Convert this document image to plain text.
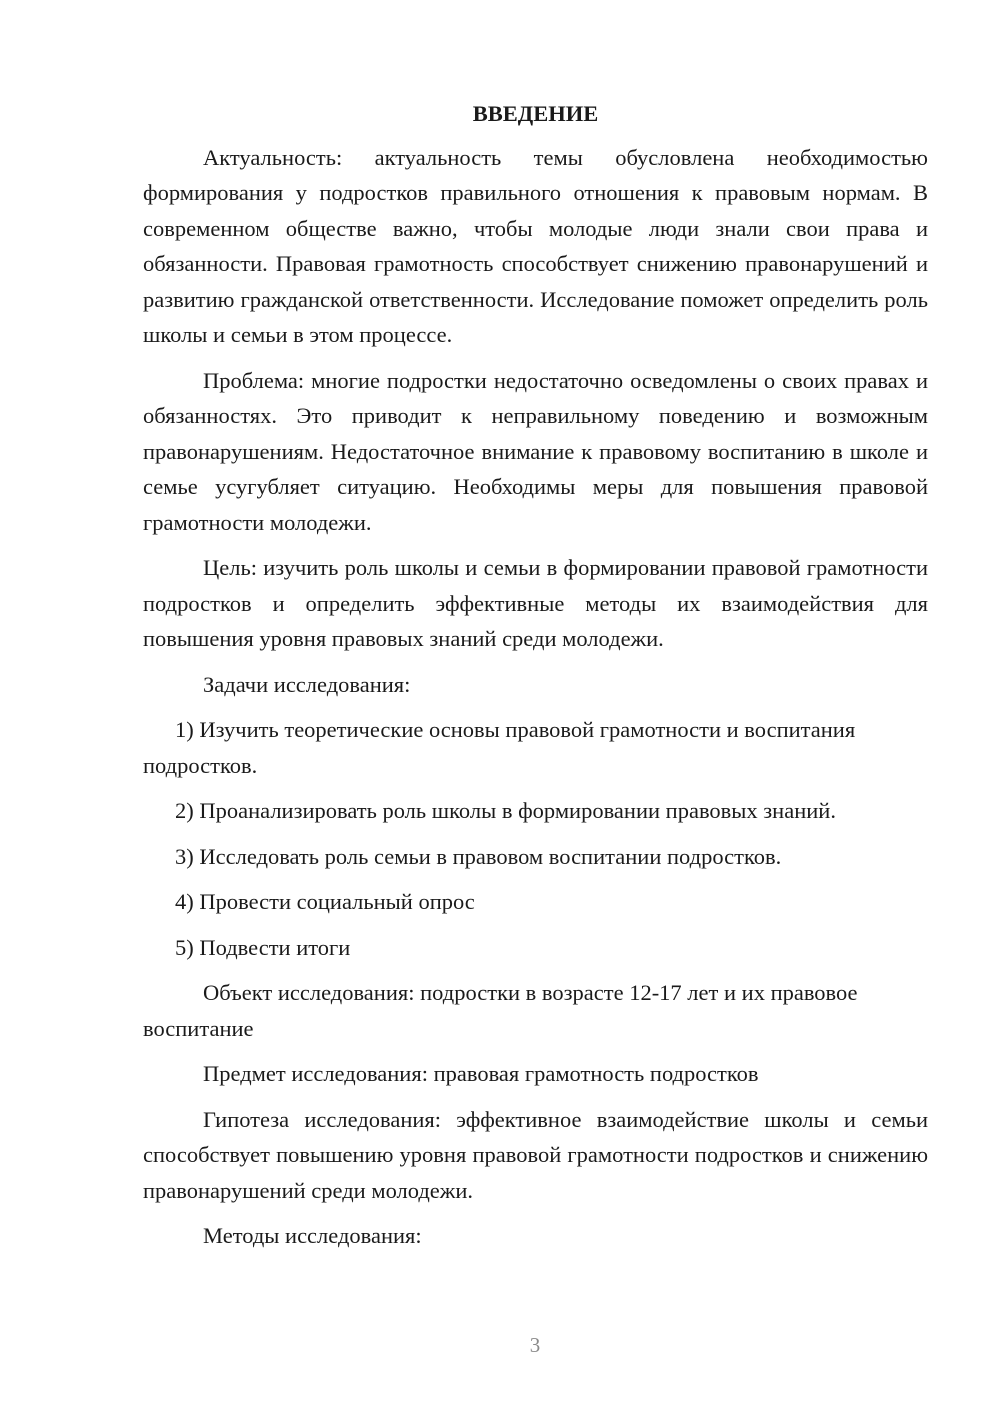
ВВЕДЕНИЕ

Актуальность: актуальность темы обусловлена необходимостью формирования у подростков правильного отношения к правовым нормам. В современном обществе важно, чтобы молодые люди знали свои права и обязанности. Правовая грамотность способствует снижению правонарушений и развитию гражданской ответственности. Исследование поможет определить роль школы и семьи в этом процессе.

Проблема: многие подростки недостаточно осведомлены о своих правах и обязанностях. Это приводит к неправильному поведению и возможным правонарушениям. Недостаточное внимание к правовому воспитанию в школе и семье усугубляет ситуацию. Необходимы меры для повышения правовой грамотности молодежи.

Цель: изучить роль школы и семьи в формировании правовой грамотности подростков и определить эффективные методы их взаимодействия для повышения уровня правовых знаний среди молодежи.

Задачи исследования:

1) Изучить теоретические основы правовой грамотности и воспитания подростков.

2) Проанализировать роль школы в формировании правовых знаний.

3) Исследовать роль семьи в правовом воспитании подростков.

4) Провести социальный опрос

5) Подвести итоги

Объект исследования: подростки в возрасте 12-17 лет и их правовое воспитание

Предмет исследования: правовая грамотность подростков

Гипотеза исследования: эффективное взаимодействие школы и семьи способствует повышению уровня правовой грамотности подростков и снижению правонарушений среди молодежи.

Методы исследования:

3
